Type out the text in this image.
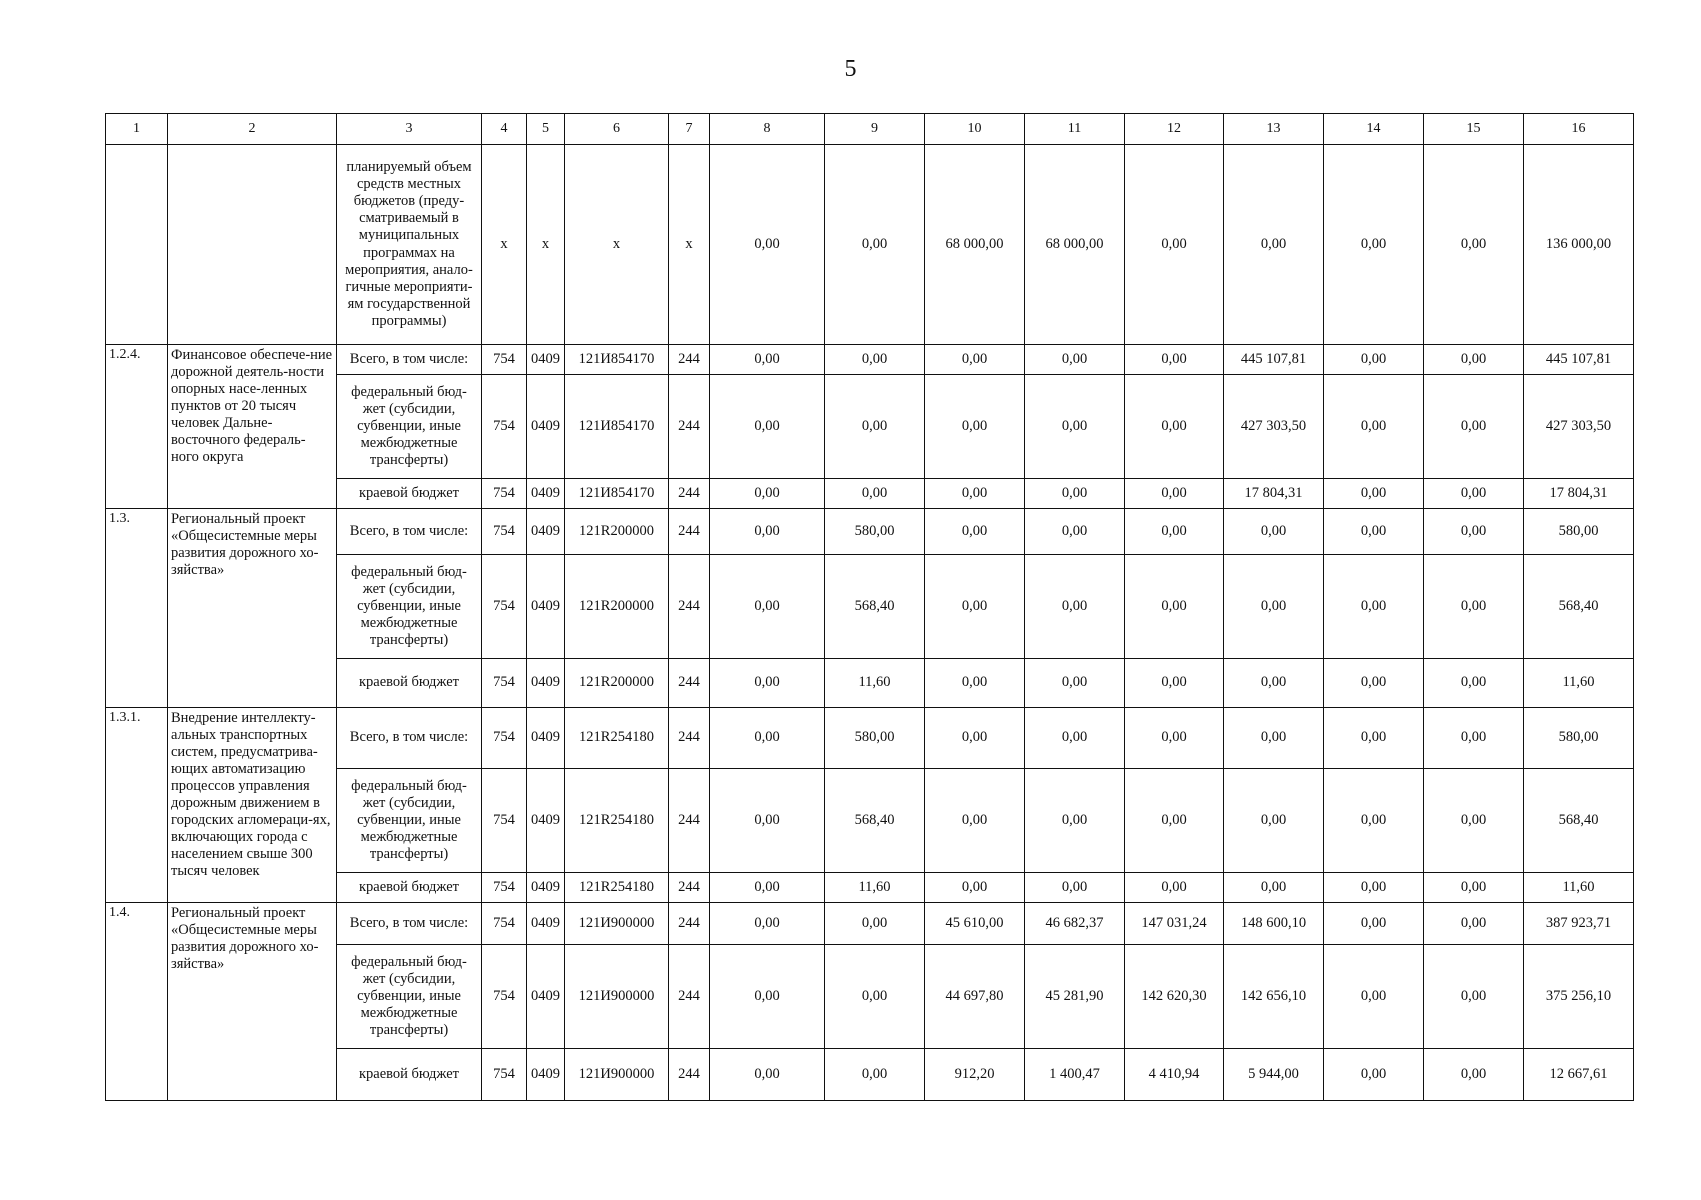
5
1	2	3	4	5	6	7	8	9	10	11	12	13	14	15	16
		планируемый объем средств местных бюджетов (преду-сматриваемый в муниципальных программах на мероприятия, анало-гичные мероприяти-ям государственной программы)	x	x	x	x	0,00	0,00	68 000,00	68 000,00	0,00	0,00	0,00	0,00	136 000,00
1.2.4.	Финансовое обеспече-ние дорожной деятель-ности опорных насе-ленных пунктов от 20 тысяч человек Дальне-восточного федераль-ного округа	Всего, в том числе:	754	0409	121И854170	244	0,00	0,00	0,00	0,00	0,00	445 107,81	0,00	0,00	445 107,81
		федеральный бюд-жет (субсидии, субвенции, иные межбюджетные трансферты)	754	0409	121И854170	244	0,00	0,00	0,00	0,00	0,00	427 303,50	0,00	0,00	427 303,50
		краевой бюджет	754	0409	121И854170	244	0,00	0,00	0,00	0,00	0,00	17 804,31	0,00	0,00	17 804,31
1.3.	Региональный проект «Общесистемные меры развития дорожного хо-зяйства»	Всего, в том числе:	754	0409	121R200000	244	0,00	580,00	0,00	0,00	0,00	0,00	0,00	0,00	580,00
		федеральный бюд-жет (субсидии, субвенции, иные межбюджетные трансферты)	754	0409	121R200000	244	0,00	568,40	0,00	0,00	0,00	0,00	0,00	0,00	568,40
		краевой бюджет	754	0409	121R200000	244	0,00	11,60	0,00	0,00	0,00	0,00	0,00	0,00	11,60
1.3.1.	Внедрение интеллекту-альных транспортных систем, предусматрива-ющих автоматизацию процессов управления дорожным движением в городских агломераци-ях, включающих города с населением свыше 300 тысяч человек	Всего, в том числе:	754	0409	121R254180	244	0,00	580,00	0,00	0,00	0,00	0,00	0,00	0,00	580,00
		федеральный бюд-жет (субсидии, субвенции, иные межбюджетные трансферты)	754	0409	121R254180	244	0,00	568,40	0,00	0,00	0,00	0,00	0,00	0,00	568,40
		краевой бюджет	754	0409	121R254180	244	0,00	11,60	0,00	0,00	0,00	0,00	0,00	0,00	11,60
1.4.	Региональный проект «Общесистемные меры развития дорожного хо-зяйства»	Всего, в том числе:	754	0409	121И900000	244	0,00	0,00	45 610,00	46 682,37	147 031,24	148 600,10	0,00	0,00	387 923,71
		федеральный бюд-жет (субсидии, субвенции, иные межбюджетные трансферты)	754	0409	121И900000	244	0,00	0,00	44 697,80	45 281,90	142 620,30	142 656,10	0,00	0,00	375 256,10
		краевой бюджет	754	0409	121И900000	244	0,00	0,00	912,20	1 400,47	4 410,94	5 944,00	0,00	0,00	12 667,61
